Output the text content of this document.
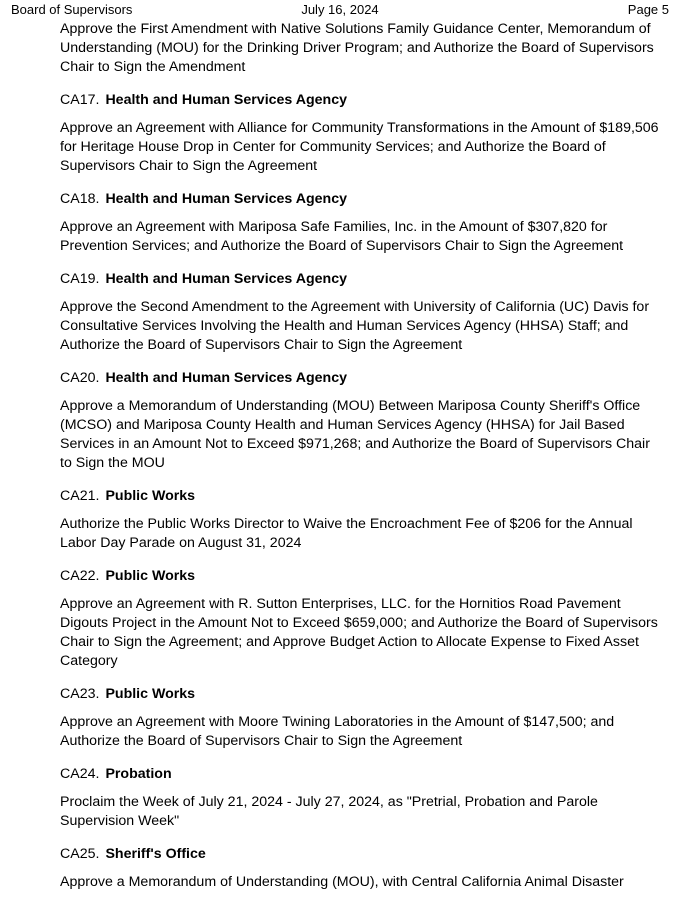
Board of Supervisors	July 16, 2024	Page 5

Approve the First Amendment with Native Solutions Family Guidance Center, Memorandum of Understanding (MOU) for the Drinking Driver Program; and Authorize the Board of Supervisors Chair to Sign the Amendment

CA17. Health and Human Services Agency

Approve an Agreement with Alliance for Community Transformations in the Amount of $189,506 for Heritage House Drop in Center for Community Services; and Authorize the Board of Supervisors Chair to Sign the Agreement

CA18. Health and Human Services Agency

Approve an Agreement with Mariposa Safe Families, Inc. in the Amount of $307,820 for Prevention Services; and Authorize the Board of Supervisors Chair to Sign the Agreement

CA19. Health and Human Services Agency

Approve the Second Amendment to the Agreement with University of California (UC) Davis for Consultative Services Involving the Health and Human Services Agency (HHSA) Staff; and Authorize the Board of Supervisors Chair to Sign the Agreement

CA20. Health and Human Services Agency

Approve a Memorandum of Understanding (MOU) Between Mariposa County Sheriff's Office (MCSO) and Mariposa County Health and Human Services Agency (HHSA) for Jail Based Services in an Amount Not to Exceed $971,268; and Authorize the Board of Supervisors Chair to Sign the MOU

CA21. Public Works

Authorize the Public Works Director to Waive the Encroachment Fee of $206 for the Annual Labor Day Parade on August 31, 2024

CA22. Public Works

Approve an Agreement with R. Sutton Enterprises, LLC. for the Hornitios Road Pavement Digouts Project in the Amount Not to Exceed $659,000; and Authorize the Board of Supervisors Chair to Sign the Agreement; and Approve Budget Action to Allocate Expense to Fixed Asset Category

CA23. Public Works

Approve an Agreement with Moore Twining Laboratories in the Amount of $147,500; and Authorize the Board of Supervisors Chair to Sign the Agreement

CA24. Probation

Proclaim the Week of July 21, 2024 - July 27, 2024, as "Pretrial, Probation and Parole Supervision Week"

CA25. Sheriff's Office

Approve a Memorandum of Understanding (MOU), with Central California Animal Disaster
